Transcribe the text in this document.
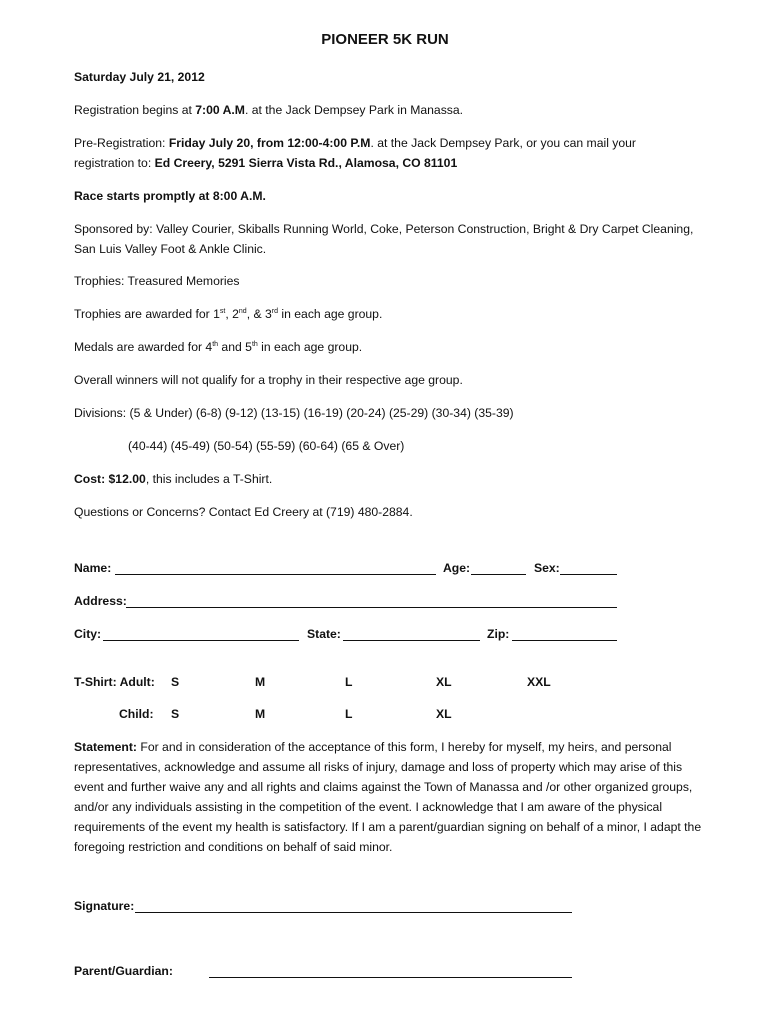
PIONEER 5K RUN
Saturday July 21, 2012
Registration begins at 7:00 A.M. at the Jack Dempsey Park in Manassa.
Pre-Registration: Friday July 20, from 12:00-4:00 P.M. at the Jack Dempsey Park, or you can mail your
registration to: Ed Creery, 5291 Sierra Vista Rd., Alamosa, CO 81101
Race starts promptly at 8:00 A.M.
Sponsored by: Valley Courier, Skiballs Running World, Coke, Peterson Construction, Bright & Dry Carpet Cleaning, San Luis Valley Foot & Ankle Clinic.
Trophies: Treasured Memories
Trophies are awarded for 1st, 2nd, & 3rd in each age group.
Medals are awarded for 4th and 5th in each age group.
Overall winners will not qualify for a trophy in their respective age group.
Divisions: (5 & Under) (6-8) (9-12) (13-15) (16-19) (20-24) (25-29) (30-34) (35-39)
(40-44) (45-49) (50-54) (55-59) (60-64) (65 & Over)
Cost: $12.00, this includes a T-Shirt.
Questions or Concerns? Contact Ed Creery at (719) 480-2884.
Name:	Age:	Sex:
Address:
City:	State:	Zip:
T-Shirt: Adult: S	M	L	XL	XXL
Child: S	M	L	XL
Statement: For and in consideration of the acceptance of this form, I hereby for myself, my heirs, and personal representatives, acknowledge and assume all risks of injury, damage and loss of property which may arise of this event and further waive any and all rights and claims against the Town of Manassa and /or other organized groups, and/or any individuals assisting in the competition of the event. I acknowledge that I am aware of the physical requirements of the event my health is satisfactory. If I am a parent/guardian signing on behalf of a minor, I adapt the foregoing restriction and conditions on behalf of said minor.
Signature:
Parent/Guardian:
